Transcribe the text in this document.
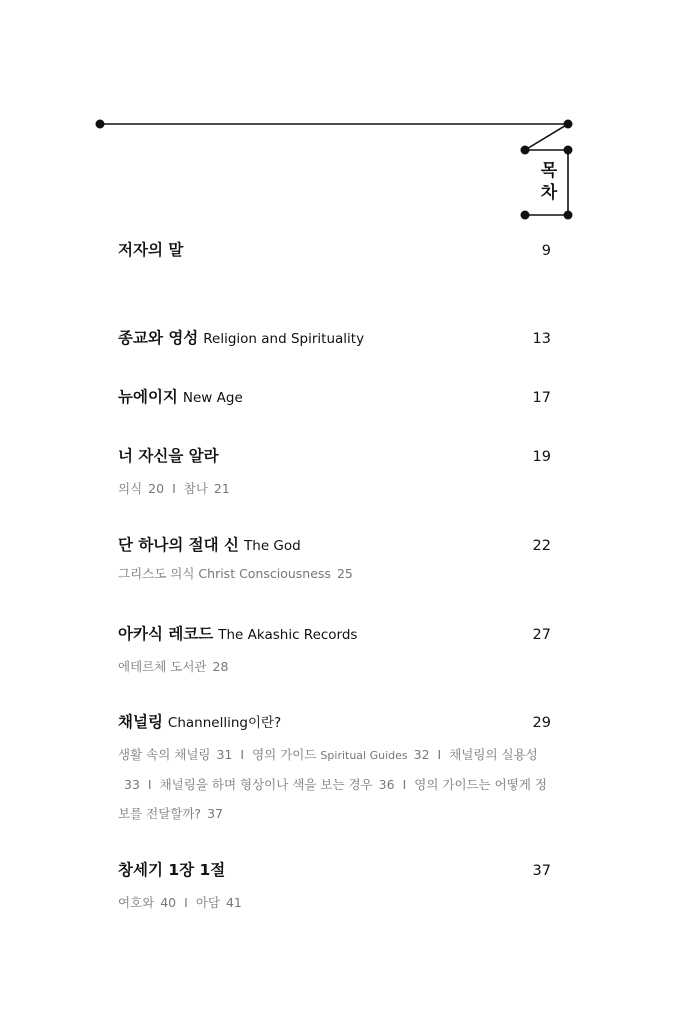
목
차
저자의 말	9
종교와 영성 Religion and Spirituality	13
뉴에이지 New Age	17
너 자신을 알라	19
의식 20 I 참나 21
단 하나의 절대 신 The God	22
그리스도 의식 Christ Consciousness 25
아카식 레코드 The Akashic Records	27
에테르체 도서관 28
채널링 Channelling이란?	29
생활 속의 채널링 31 I 영의 가이드 Spiritual Guides 32 I 채널링의 실용성33 I 채널링을 하며 형상이나 색을 보는 경우 36 I 영의 가이드는 어떻게 정보를 전달할까? 37
창세기 1장 1절	37
여호와 40 I 아담 41
